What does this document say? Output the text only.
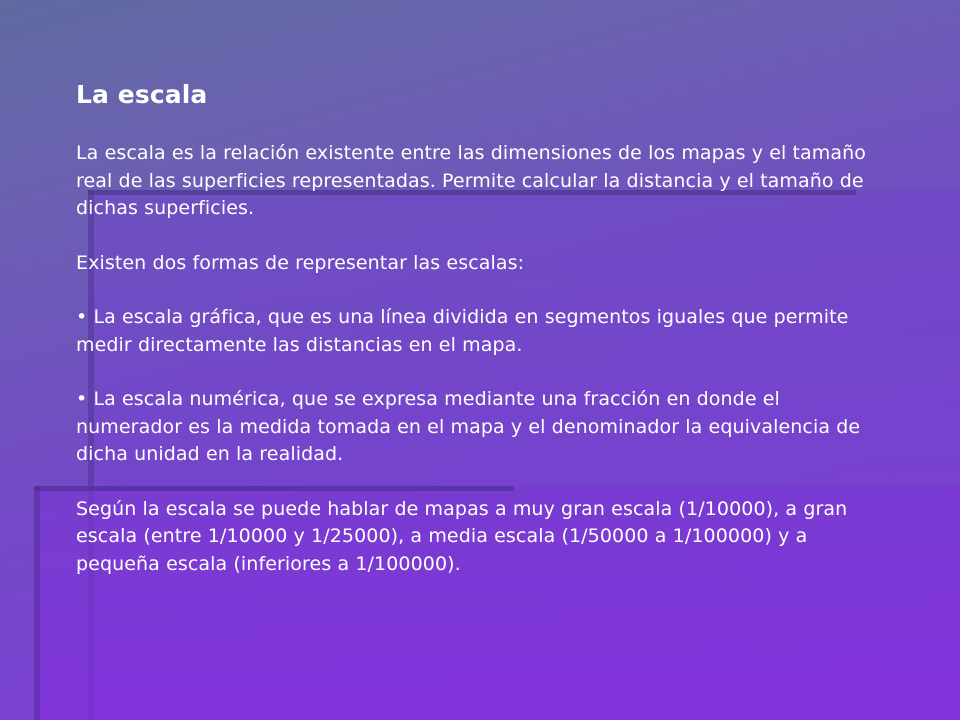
La escala
La escala es la relación existente entre las dimensiones de los mapas y el tamaño real de las superficies representadas. Permite calcular la distancia y el tamaño de dichas superficies.
Existen dos formas de representar las escalas:
• La escala gráfica, que es una línea dividida en segmentos iguales que permite medir directamente las distancias en el mapa.
• La escala numérica, que se expresa mediante una fracción en donde el numerador es la medida tomada en el mapa y el denominador la equivalencia de dicha unidad en la realidad.
Según la escala se puede hablar de mapas a muy gran escala (1/10000), a gran escala (entre 1/10000 y 1/25000), a media escala (1/50000 a 1/100000) y a pequeña escala (inferiores a 1/100000).
